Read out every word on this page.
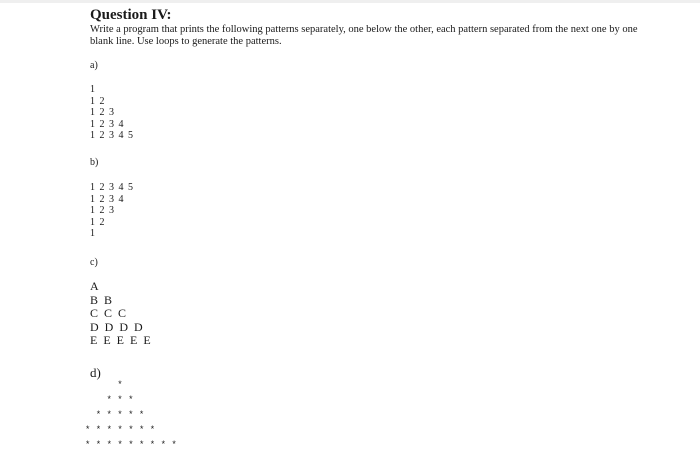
Question IV:

Write a program that prints the following patterns separately, one below the other, each pattern separated from the next one by one blank line. Use loops to generate the patterns.

a)
1
1 2
1 2 3
1 2 3 4
1 2 3 4 5
b)
1 2 3 4 5
1 2 3 4
1 2 3
1 2
1
c)
A
B B
C C C
D D D D
E E E E E
d)
*
* * *
* * * * *
* * * * * * *
* * * * * * * * *
